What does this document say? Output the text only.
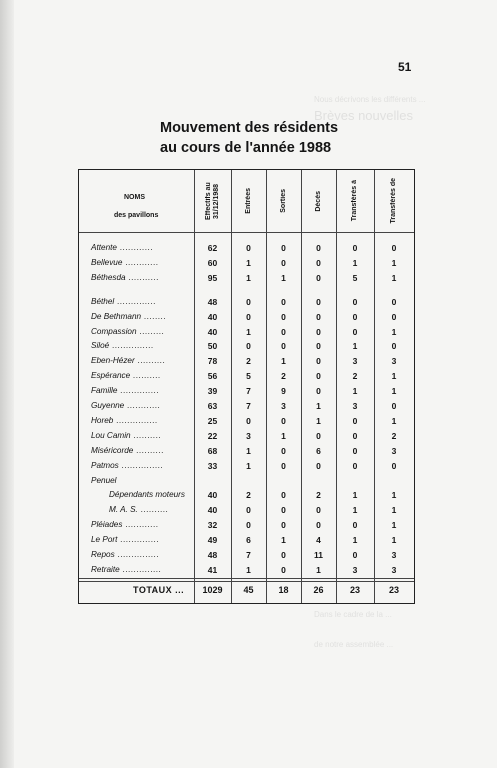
Nous décrivons les différents ...
Brèves nouvelles
Dans le cadre de la ...
de notre assemblée ...
51
Mouvement des résidents
au cours de l'année 1988
NOMS
des pavillons	Effectifs au 31/12/1988	Entrées	Sorties	Décès	Transférés à	Transférés de
Attente ............	62	0	0	0	0	0
Bellevue ............	60	1	0	0	1	1
Béthesda ...........	95	1	1	0	5	1
Béthel ..............	48	0	0	0	0	0
De Bethmann ........	40	0	0	0	0	0
Compassion .........	40	1	0	0	0	1
Siloé ...............	50	0	0	0	1	0
Eben-Hézer ..........	78	2	1	0	3	3
Espérance ..........	56	5	2	0	2	1
Famille ..............	39	7	9	0	1	1
Guyenne ............	63	7	3	1	3	0
Horeb ...............	25	0	0	1	0	1
Lou Camin ..........	22	3	1	0	0	2
Miséricorde ..........	68	1	0	6	0	3
Patmos ...............	33	1	0	0	0	0
Penuel
Dépendants moteurs	40	2	0	2	1	1
M. A. S. ..........	40	0	0	0	1	1
Pléiades ............	32	0	0	0	0	1
Le Port ..............	49	6	1	4	1	1
Repos ...............	48	7	0	11	0	3
Retraite ..............	41	1	0	1	3	3
TOTAUX ...	1029	45	18	26	23	23
